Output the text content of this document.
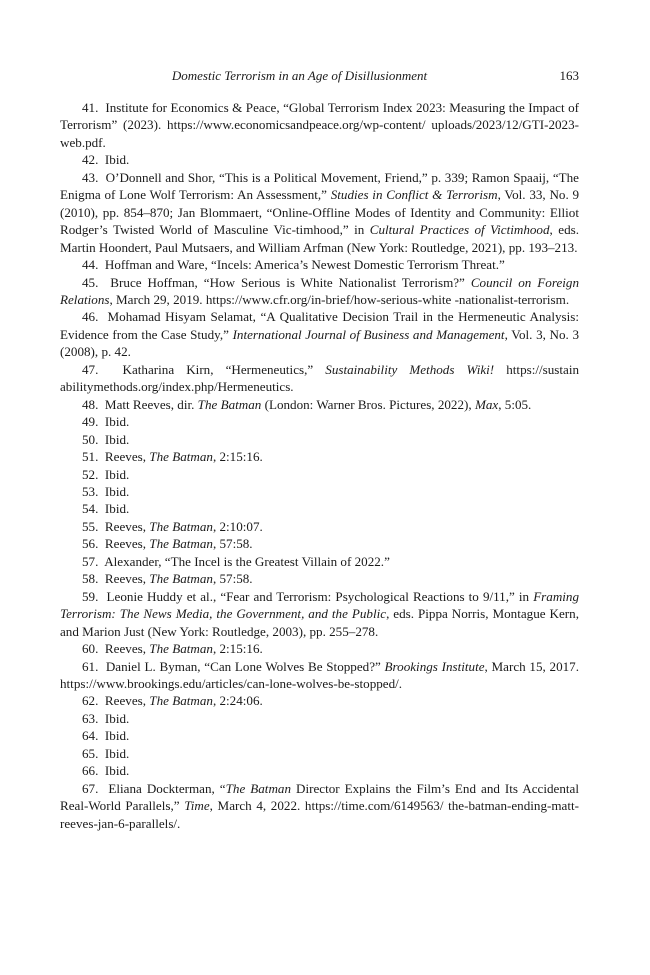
Domestic Terrorism in an Age of Disillusionment	163

41. Institute for Economics & Peace, “Global Terrorism Index 2023: Measuring the Impact of Terrorism” (2023). https://www.economicsandpeace.org/wp-content/ uploads/2023/12/GTI-2023-web.pdf.

42. Ibid.

43. O’Donnell and Shor, “This is a Political Movement, Friend,” p. 339; Ramon Spaaij, “The Enigma of Lone Wolf Terrorism: An Assessment,” Studies in Conflict & Terrorism, Vol. 33, No. 9 (2010), pp. 854–870; Jan Blommaert, “Online-Offline Modes of Identity and Community: Elliot Rodger’s Twisted World of Masculine Vic-timhood,” in Cultural Practices of Victimhood, eds. Martin Hoondert, Paul Mutsaers, and William Arfman (New York: Routledge, 2021), pp. 193–213.

44. Hoffman and Ware, “Incels: America’s Newest Domestic Terrorism Threat.”

45. Bruce Hoffman, “How Serious is White Nationalist Terrorism?” Council on Foreign Relations, March 29, 2019. https://www.cfr.org/in-brief/how-serious-white -nationalist-terrorism.

46. Mohamad Hisyam Selamat, “A Qualitative Decision Trail in the Hermeneutic Analysis: Evidence from the Case Study,” International Journal of Business and Management, Vol. 3, No. 3 (2008), p. 42.

47. Katharina Kirn, “Hermeneutics,” Sustainability Methods Wiki! https://sustain abilitymethods.org/index.php/Hermeneutics.

48. Matt Reeves, dir. The Batman (London: Warner Bros. Pictures, 2022), Max, 5:05.

49. Ibid.

50. Ibid.

51. Reeves, The Batman, 2:15:16.

52. Ibid.

53. Ibid.

54. Ibid.

55. Reeves, The Batman, 2:10:07.

56. Reeves, The Batman, 57:58.

57. Alexander, “The Incel is the Greatest Villain of 2022.”

58. Reeves, The Batman, 57:58.

59. Leonie Huddy et al., “Fear and Terrorism: Psychological Reactions to 9/11,” in Framing Terrorism: The News Media, the Government, and the Public, eds. Pippa Norris, Montague Kern, and Marion Just (New York: Routledge, 2003), pp. 255–278.

60. Reeves, The Batman, 2:15:16.

61. Daniel L. Byman, “Can Lone Wolves Be Stopped?” Brookings Institute, March 15, 2017. https://www.brookings.edu/articles/can-lone-wolves-be-stopped/.

62. Reeves, The Batman, 2:24:06.

63. Ibid.

64. Ibid.

65. Ibid.

66. Ibid.

67. Eliana Dockterman, “The Batman Director Explains the Film’s End and Its Accidental Real-World Parallels,” Time, March 4, 2022. https://time.com/6149563/ the-batman-ending-matt-reeves-jan-6-parallels/.
